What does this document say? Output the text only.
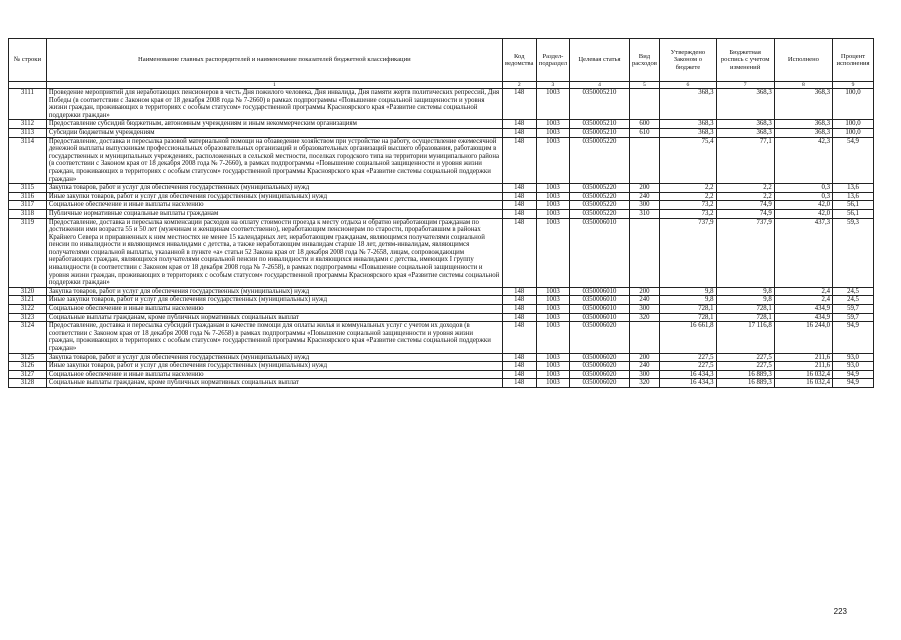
№ строки	Наименование главных распорядителей и наименование показателей бюджетной классификации	Код ведомства	Раздел-подраздел	Целевая статья	Вид расходов	Утверждено Законом о бюджете	Бюджетная роспись с учетом изменений	Исполнено	Процент исполнения
	1	2	3	4	5	6	7	8	9
3111	Проведение мероприятий для неработающих пенсионеров в честь Дня пожилого человека, Дня инвалида, Дня памяти жертв политических репрессий, Дня Победы (в соответствии с Законом края от 18 декабря 2008 года № 7-2660) в рамках подпрограммы «Повышение социальной защищенности и уровня жизни граждан, проживающих в территориях с особым статусом» государственной программы Красноярского края «Развитие системы социальной поддержки граждан»	148	1003	0350005210		368,3	368,3	368,3	100,0
3112	Предоставление субсидий бюджетным, автономным учреждениям и иным некоммерческим организациям	148	1003	0350005210	600	368,3	368,3	368,3	100,0
3113	Субсидии бюджетным учреждениям	148	1003	0350005210	610	368,3	368,3	368,3	100,0
3114	Предоставление, доставка и пересылка разовой материальной помощи на обзаведение хозяйством при устройстве на работу, осуществление ежемесячной денежной выплаты выпускникам профессиональных образовательных организаций и образовательных организаций высшего образования, работающим в государственных и муниципальных учреждениях, расположенных в сельской местности, поселках городского типа на территории муниципального района (в соответствии с Законом края от 18 декабря 2008 года № 7-2660), в рамках подпрограммы «Повышение социальной защищенности и уровня жизни граждан, проживающих в территориях с особым статусом» государственной программы Красноярского края «Развитие системы социальной поддержки граждан»	148	1003	0350005220		75,4	77,1	42,3	54,9
3115	Закупка товаров, работ и услуг для обеспечения государственных (муниципальных) нужд	148	1003	0350005220	200	2,2	2,2	0,3	13,6
3116	Иные закупки товаров, работ и услуг для обеспечения государственных (муниципальных) нужд	148	1003	0350005220	240	2,2	2,2	0,3	13,6
3117	Социальное обеспечение и иные выплаты населению	148	1003	0350005220	300	73,2	74,9	42,0	56,1
3118	Публичные нормативные социальные выплаты гражданам	148	1003	0350005220	310	73,2	74,9	42,0	56,1
3119	Предоставление, доставка и пересылка компенсации расходов на оплату стоимости проезда к месту отдыха и обратно неработающим гражданам по достижении ими возраста 55 и 50 лет (мужчинам и женщинам соответственно), неработающим пенсионерам по старости, проработавшим в районах Крайнего Севера и приравненных к ним местностях не менее 15 календарных лет, неработающим гражданам, являющимся получателями социальной пенсии по инвалидности и являющимся инвалидами с детства, а также неработающим инвалидам старше 18 лет, детям-инвалидам, являющимся получателями социальной выплаты, указанной в пункте «а» статьи 52 Закона края от 18 декабря 2008 года № 7-2658, лицам, сопровождающим неработающих граждан, являющихся получателями социальной пенсии по инвалидности и являющихся инвалидами с детства, имеющих I группу инвалидности (в соответствии с Законом края от 18 декабря 2008 года № 7-2658), в рамках подпрограммы «Повышение социальной защищенности и уровня жизни граждан, проживающих в территориях с особым статусом» государственной программы Красноярского края «Развитие системы социальной поддержки граждан»	148	1003	0350006010		737,9	737,9	437,3	59,3
3120	Закупка товаров, работ и услуг для обеспечения государственных (муниципальных) нужд	148	1003	0350006010	200	9,8	9,8	2,4	24,5
3121	Иные закупки товаров, работ и услуг для обеспечения государственных (муниципальных) нужд	148	1003	0350006010	240	9,8	9,8	2,4	24,5
3122	Социальное обеспечение и иные выплаты населению	148	1003	0350006010	300	728,1	728,1	434,9	59,7
3123	Социальные выплаты гражданам, кроме публичных нормативных социальных выплат	148	1003	0350006010	320	728,1	728,1	434,9	59,7
3124	Предоставление, доставка и пересылка субсидий гражданам в качестве помощи для оплаты жилья и коммунальных услуг с учетом их доходов (в соответствии с Законом края от 18 декабря 2008 года № 7-2658) в рамках подпрограммы «Повышение социальной защищенности и уровня жизни граждан, проживающих в территориях с особым статусом» государственной программы Красноярского края «Развитие системы социальной поддержки граждан»	148	1003	0350006020		16 661,8	17 116,8	16 244,0	94,9
3125	Закупка товаров, работ и услуг для обеспечения государственных (муниципальных) нужд	148	1003	0350006020	200	227,5	227,5	211,6	93,0
3126	Иные закупки товаров, работ и услуг для обеспечения государственных (муниципальных) нужд	148	1003	0350006020	240	227,5	227,5	211,6	93,0
3127	Социальное обеспечение и иные выплаты населению	148	1003	0350006020	300	16 434,3	16 889,3	16 032,4	94,9
3128	Социальные выплаты гражданам, кроме публичных нормативных социальных выплат	148	1003	0350006020	320	16 434,3	16 889,3	16 032,4	94,9
223
